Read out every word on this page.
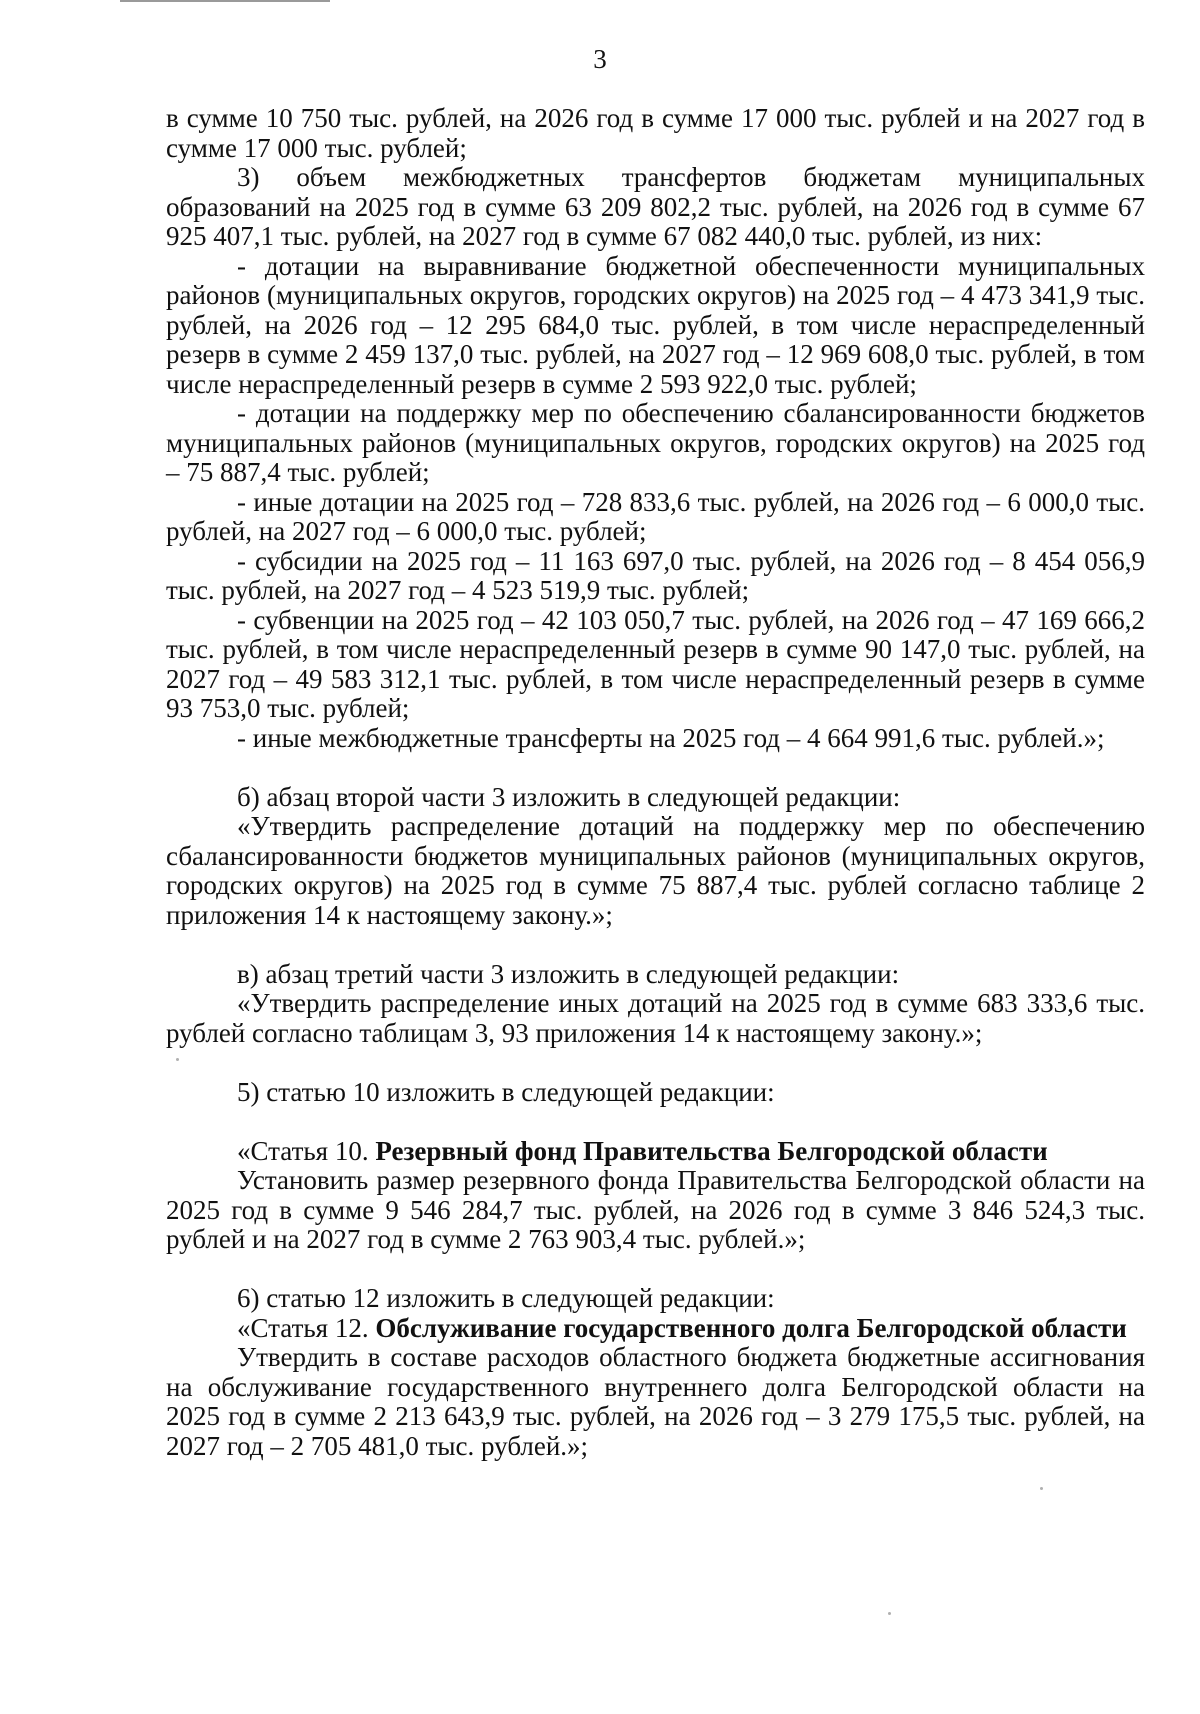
3

в сумме 10 750 тыс. рублей, на 2026 год в сумме 17 000 тыс. рублей и на 2027 год в сумме 17 000 тыс. рублей;

3) объем межбюджетных трансфертов бюджетам муниципальных образований на 2025 год в сумме 63 209 802,2 тыс. рублей, на 2026 год в сумме 67 925 407,1 тыс. рублей, на 2027 год в сумме 67 082 440,0 тыс. рублей, из них:

- дотации на выравнивание бюджетной обеспеченности муниципальных районов (муниципальных округов, городских округов) на 2025 год – 4 473 341,9 тыс. рублей, на 2026 год – 12 295 684,0 тыс. рублей, в том числе нераспределенный резерв в сумме 2 459 137,0 тыс. рублей, на 2027 год – 12 969 608,0 тыс. рублей, в том числе нераспределенный резерв в сумме 2 593 922,0 тыс. рублей;

- дотации на поддержку мер по обеспечению сбалансированности бюджетов муниципальных районов (муниципальных округов, городских округов) на 2025 год – 75 887,4 тыс. рублей;

- иные дотации на 2025 год – 728 833,6 тыс. рублей, на 2026 год – 6 000,0 тыс. рублей, на 2027 год – 6 000,0 тыс. рублей;

- субсидии на 2025 год – 11 163 697,0 тыс. рублей, на 2026 год – 8 454 056,9 тыс. рублей, на 2027 год – 4 523 519,9 тыс. рублей;

- субвенции на 2025 год – 42 103 050,7 тыс. рублей, на 2026 год – 47 169 666,2 тыс. рублей, в том числе нераспределенный резерв в сумме 90 147,0 тыс. рублей, на 2027 год – 49 583 312,1 тыс. рублей, в том числе нераспределенный резерв в сумме 93 753,0 тыс. рублей;

- иные межбюджетные трансферты на 2025 год – 4 664 991,6 тыс. рублей.»;

б) абзац второй части 3 изложить в следующей редакции:

«Утвердить распределение дотаций на поддержку мер по обеспечению сбалансированности бюджетов муниципальных районов (муниципальных округов, городских округов) на 2025 год в сумме 75 887,4 тыс. рублей согласно таблице 2 приложения 14 к настоящему закону.»;

в) абзац третий части 3 изложить в следующей редакции:

«Утвердить распределение иных дотаций на 2025 год в сумме 683 333,6 тыс. рублей согласно таблицам 3, 93 приложения 14 к настоящему закону.»;

5) статью 10 изложить в следующей редакции:

«Статья 10. Резервный фонд Правительства Белгородской области

Установить размер резервного фонда Правительства Белгородской области на 2025 год в сумме 9 546 284,7 тыс. рублей, на 2026 год в сумме 3 846 524,3 тыс. рублей и на 2027 год в сумме 2 763 903,4 тыс. рублей.»;

6) статью 12 изложить в следующей редакции:

«Статья 12. Обслуживание государственного долга Белгородской области

Утвердить в составе расходов областного бюджета бюджетные ассигнования на обслуживание государственного внутреннего долга Белгородской области на 2025 год в сумме 2 213 643,9 тыс. рублей, на 2026 год – 3 279 175,5 тыс. рублей, на 2027 год – 2 705 481,0 тыс. рублей.»;
